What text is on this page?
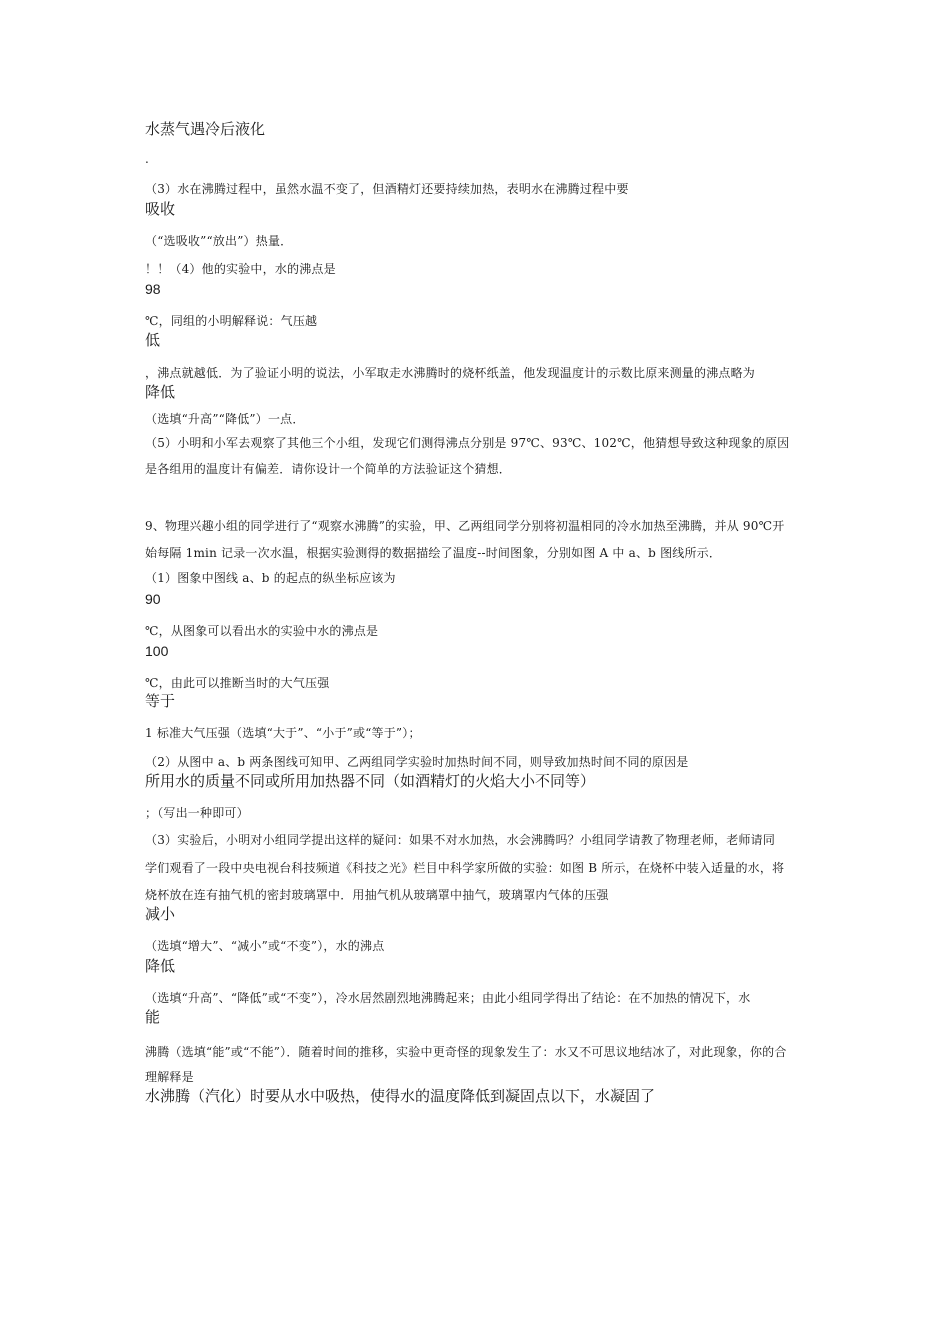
水蒸气遇冷后液化
.
（3）水在沸腾过程中，虽然水温不变了，但酒精灯还要持续加热，表明水在沸腾过程中要
吸收
（“选吸收”“放出”）热量．
！！（4）他的实验中，水的沸点是
98
℃，同组的小明解释说：气压越
低
，沸点就越低．为了验证小明的说法，小军取走水沸腾时的烧杯纸盖，他发现温度计的示数比原来测量的沸点略为
降低
（选填“升高”“降低”）一点．
（5）小明和小军去观察了其他三个小组，发现它们测得沸点分别是 97℃、93℃、102℃，他猜想导致这种现象的原因
是各组用的温度计有偏差．请你设计一个简单的方法验证这个猜想．
9、物理兴趣小组的同学进行了“观察水沸腾”的实验，甲、乙两组同学分别将初温相同的冷水加热至沸腾，并从 90℃开
始每隔 1min 记录一次水温，根据实验测得的数据描绘了温度--时间图象，分别如图 A 中 a、b 图线所示．
（1）图象中图线 a、b 的起点的纵坐标应该为
90
℃，从图象可以看出水的实验中水的沸点是
100
℃，由此可以推断当时的大气压强
等于
1 标准大气压强（选填“大于”、“小于”或“等于”）；
（2）从图中 a、b 两条图线可知甲、乙两组同学实验时加热时间不同，则导致加热时间不同的原因是
所用水的质量不同或所用加热器不同（如酒精灯的火焰大小不同等）
；（写出一种即可）
（3）实验后，小明对小组同学提出这样的疑问：如果不对水加热，水会沸腾吗？小组同学请教了物理老师，老师请同
学们观看了一段中央电视台科技频道《科技之光》栏目中科学家所做的实验：如图 B 所示，在烧杯中装入适量的水，将
烧杯放在连有抽气机的密封玻璃罩中．用抽气机从玻璃罩中抽气，玻璃罩内气体的压强
减小
（选填“增大”、“减小”或“不变”），水的沸点
降低
（选填“升高”、“降低”或“不变”），冷水居然剧烈地沸腾起来；由此小组同学得出了结论：在不加热的情况下，水
能
沸腾（选填“能”或“不能”）．随着时间的推移，实验中更奇怪的现象发生了：水又不可思议地结冰了，对此现象，你的合
理解释是
水沸腾（汽化）时要从水中吸热，使得水的温度降低到凝固点以下，水凝固了
